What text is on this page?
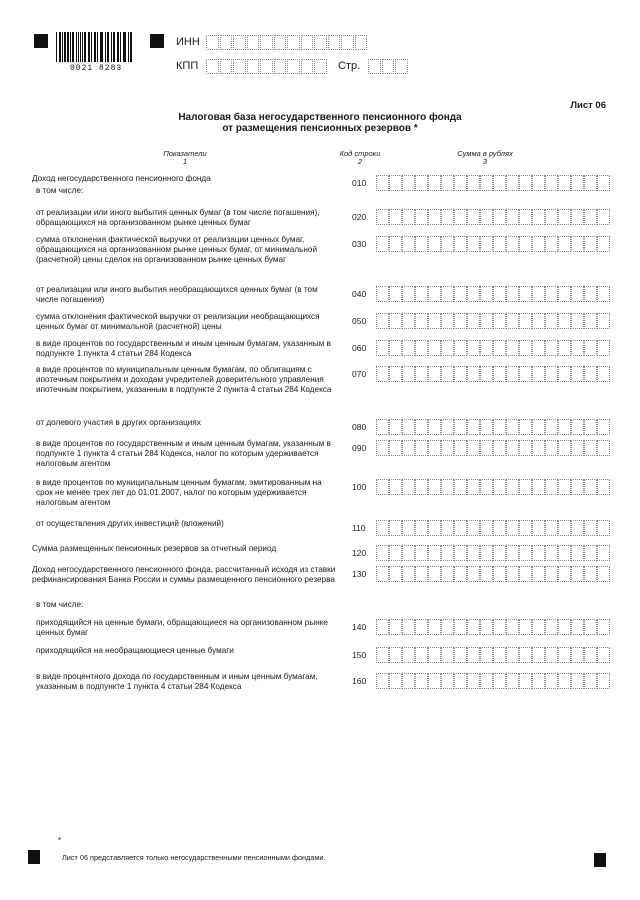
0021 8283
ИНН
КПП	Стр.
Лист 06
Налоговая база негосударственного пенсионного фонда
от размещения пенсионных резервов *
Показатели
1
Код строки
2
Сумма в рублях
3
Доход негосударственного пенсионного фонда	010
в том числе:
от реализации или иного выбытия ценных бумаг (в том числе погашения), обращающихся на организованном рынке ценных бумаг
020
сумма отклонения фактической выручки от реализации ценных бумаг, обращающихся на организованном рынке ценных бумаг, от минимальной (расчетной) цены сделок на организованном рынке ценных бумаг
030
от реализации или иного выбытия необращающихся ценных бумаг (в том числе погашения)
040
сумма отклонения фактической выручки от реализации необращающихся ценных бумаг от минимальной (расчетной) цены
050
в виде процентов по государственным и иным ценным бумагам, указанным в подпункте 1 пункта 4 статьи 284 Кодекса
060
в виде процентов по муниципальным ценным бумагам, по облигациям с ипотечным покрытием и доходам учредителей доверительного управления ипотечным покрытием, указанным в подпункте 2 пункта 4 статьи 284 Кодекса
070
от долевого участия в других организациях	080
в виде процентов по государственным и иным ценным бумагам, указанным в подпункте 1 пункта 4 статьи 284 Кодекса, налог по которым удерживается налоговым агентом
090
в виде процентов по муниципальным ценным бумагам, эмитированным на срок не менее трех лет до 01.01.2007, налог по которым удерживается налоговым агентом
100
от осуществления других инвестиций (вложений)	110
Сумма размещенных пенсионных резервов за отчетный период	120
Доход негосударственного пенсионного фонда, рассчитанный исходя из ставки рефинансирования Банка России и суммы размещенного пенсионного резерва
130
в том числе:
приходящийся на ценные бумаги, обращающиеся на организованном рынке ценных бумаг
140
приходящийся на необращающиеся ценные бумаги	150
в виде процентного дохода по государственным и иным ценным бумагам, указанным в подпункте 1 пункта 4 статьи 284 Кодекса
160
*
Лист 06 представляется только негосударственными пенсионными фондами.
